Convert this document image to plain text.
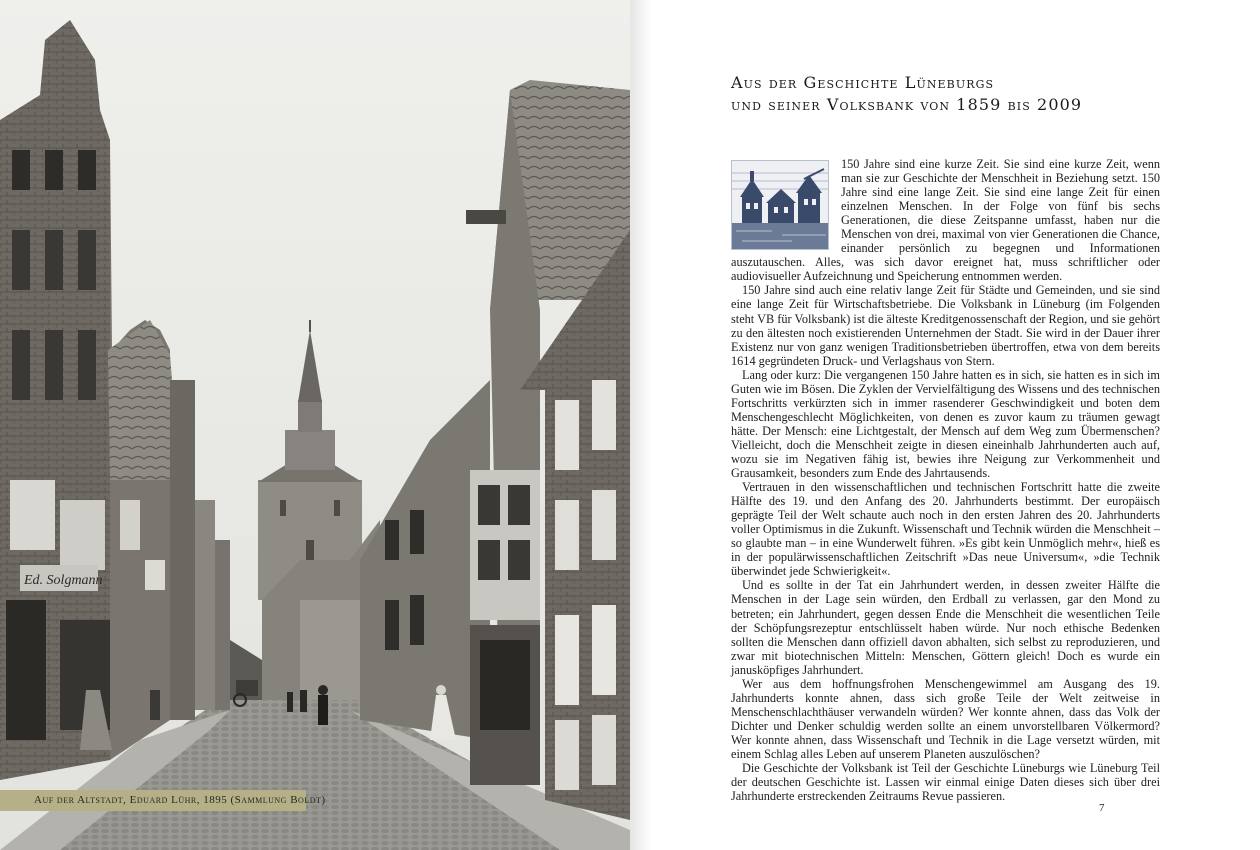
Ed. Solgmann
Auf der Altstadt, Eduard Lühr, 1895 (Sammlung Boldt)
Aus der Geschichte Lüneburgs
und seiner Volksbank von 1859 bis 2009

150 Jahre sind eine kurze Zeit. Sie sind eine kurze Zeit, wenn man sie zur Geschichte der Menschheit in Beziehung setzt. 150 Jahre sind eine lange Zeit. Sie sind eine lange Zeit für einen einzelnen Menschen. In der Folge von fünf bis sechs Generationen, die diese Zeitspanne umfasst, haben nur die Menschen von drei, maximal von vier Generationen die Chance, einander persönlich zu begegnen und Informationen auszutauschen. Alles, was sich davor ereignet hat, muss schriftlicher oder audiovisueller Aufzeichnung und Speicherung entnommen werden.

150 Jahre sind auch eine relativ lange Zeit für Städte und Gemeinden, und sie sind eine lange Zeit für Wirtschaftsbetriebe. Die Volksbank in Lüneburg (im Folgenden steht VB für Volksbank) ist die älteste Kreditgenossenschaft der Region, und sie gehört zu den ältesten noch existierenden Unternehmen der Stadt. Sie wird in der Dauer ihrer Existenz nur von ganz wenigen Traditionsbetrieben übertroffen, etwa von dem bereits 1614 gegründeten Druck- und Verlagshaus von Stern.

Lang oder kurz: Die vergangenen 150 Jahre hatten es in sich, sie hatten es in sich im Guten wie im Bösen. Die Zyklen der Vervielfältigung des Wissens und des technischen Fortschritts verkürzten sich in immer rasenderer Geschwindigkeit und boten dem Menschengeschlecht Möglichkeiten, von denen es zuvor kaum zu träumen gewagt hätte. Der Mensch: eine Lichtgestalt, der Mensch auf dem Weg zum Übermenschen? Vielleicht, doch die Menschheit zeigte in diesen eineinhalb Jahrhunderten auch auf, wozu sie im Negativen fähig ist, bewies ihre Neigung zur Verkommenheit und Grausamkeit, besonders zum Ende des Jahrtausends.

Vertrauen in den wissenschaftlichen und technischen Fortschritt hatte die zweite Hälfte des 19. und den Anfang des 20. Jahrhunderts bestimmt. Der europäisch geprägte Teil der Welt schaute auch noch in den ersten Jahren des 20. Jahrhunderts voller Optimismus in die Zukunft. Wissenschaft und Technik würden die Menschheit – so glaubte man – in eine Wunderwelt führen. »Es gibt kein Unmöglich mehr«, hieß es in der populärwissenschaftlichen Zeitschrift »Das neue Universum«, »die Technik überwindet jede Schwierigkeit«.

Und es sollte in der Tat ein Jahrhundert werden, in dessen zweiter Hälfte die Menschen in der Lage sein würden, den Erdball zu verlassen, gar den Mond zu betreten; ein Jahrhundert, gegen dessen Ende die Menschheit die wesentlichen Teile der Schöpfungsrezeptur entschlüsselt haben würde. Nur noch ethische Bedenken sollten die Menschen dann offiziell davon abhalten, sich selbst zu reproduzieren, und zwar mit biotechnischen Mitteln: Menschen, Göttern gleich! Doch es wurde ein janusköpfiges Jahrhundert.

Wer aus dem hoffnungsfrohen Menschengewimmel am Ausgang des 19. Jahrhunderts konnte ahnen, dass sich große Teile der Welt zeitweise in Menschenschlachthäuser verwandeln würden? Wer konnte ahnen, dass das Volk der Dichter und Denker schuldig werden sollte an einem unvorstellbaren Völkermord? Wer konnte ahnen, dass Wissenschaft und Technik in die Lage versetzt würden, mit einem Schlag alles Leben auf unserem Planeten auszulöschen?

Die Geschichte der Volksbank ist Teil der Geschichte Lüneburgs wie Lüneburg Teil der deutschen Geschichte ist. Lassen wir einmal einige Daten dieses sich über drei Jahrhunderte erstreckenden Zeitraums Revue passieren.

7
